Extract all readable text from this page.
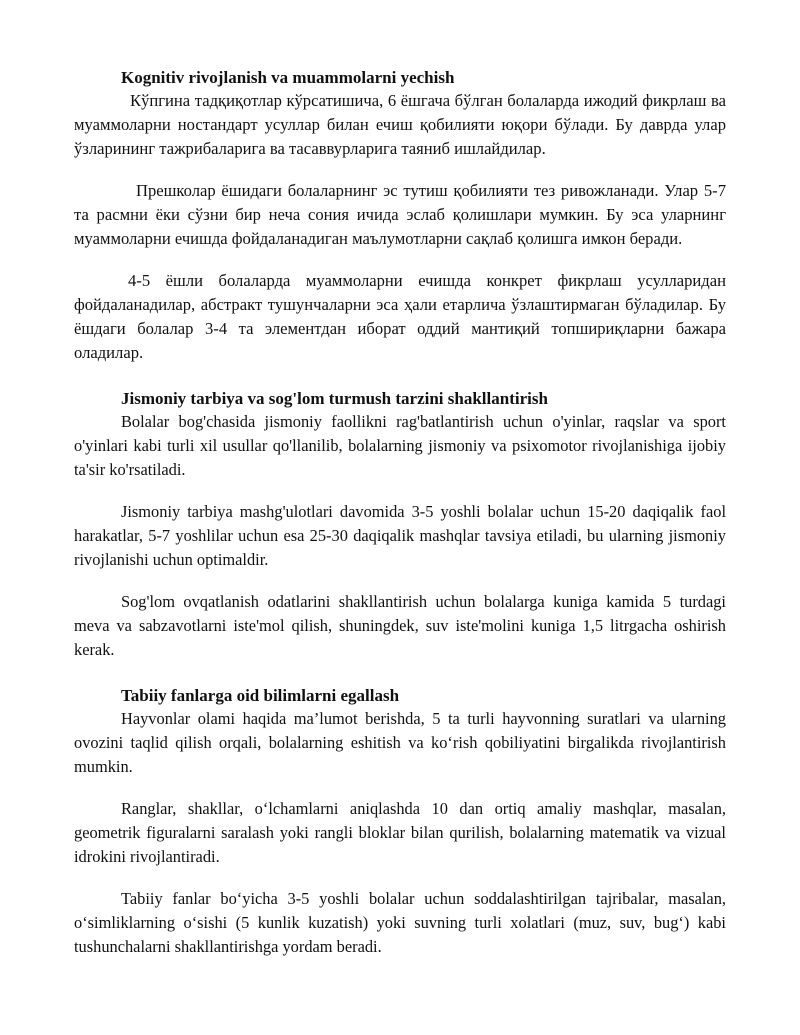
Kognitiv rivojlanish va muammolarni yechish

Кўпгина тадқиқотлар кўрсатишича, 6 ёшгача бўлган болаларда ижодий фикрлаш ва муаммоларни ностандарт усуллар билан ечиш қобилияти юқори бўлади. Бу даврда улар ўзларининг тажрибаларига ва тасаввурларига таяниб ишлайдилар.

Прешколар ёшидаги болаларнинг эс тутиш қобилияти тез ривожланади. Улар 5-7 та расмни ёки сўзни бир неча сония ичида эслаб қолишлари мумкин. Бу эса уларнинг муаммоларни ечишда фойдаланадиган маълумотларни сақлаб қолишга имкон беради.

4-5 ёшли болаларда муаммоларни ечишда конкрет фикрлаш усулларидан фойдаланадилар, абстракт тушунчаларни эса ҳали етарлича ўзлаштирмаган бўладилар. Бу ёшдаги болалар 3-4 та элементдан иборат оддий мантиқий топшириқларни бажара оладилар.

Jismoniy tarbiya va sog'lom turmush tarzini shakllantirish

Bolalar bog'chasida jismoniy faollikni rag'batlantirish uchun o'yinlar, raqslar va sport o'yinlari kabi turli xil usullar qo'llanilib, bolalarning jismoniy va psixomotor rivojlanishiga ijobiy ta'sir ko'rsatiladi.

Jismoniy tarbiya mashg'ulotlari davomida 3-5 yoshli bolalar uchun 15-20 daqiqalik faol harakatlar, 5-7 yoshlilar uchun esa 25-30 daqiqalik mashqlar tavsiya etiladi, bu ularning jismoniy rivojlanishi uchun optimaldir.

Sog'lom ovqatlanish odatlarini shakllantirish uchun bolalarga kuniga kamida 5 turdagi meva va sabzavotlarni iste'mol qilish, shuningdek, suv iste'molini kuniga 1,5 litrgacha oshirish kerak.

Tabiiy fanlarga oid bilimlarni egallash

Hayvonlar olami haqida ma’lumot berishda, 5 ta turli hayvonning suratlari va ularning ovozini taqlid qilish orqali, bolalarning eshitish va ko‘rish qobiliyatini birgalikda rivojlantirish mumkin.

Ranglar, shakllar, o‘lchamlarni aniqlashda 10 dan ortiq amaliy mashqlar, masalan, geometrik figuralarni saralash yoki rangli bloklar bilan qurilish, bolalarning matematik va vizual idrokini rivojlantiradi.

Tabiiy fanlar bo‘yicha 3-5 yoshli bolalar uchun soddalashtirilgan tajribalar, masalan, o‘simliklarning o‘sishi (5 kunlik kuzatish) yoki suvning turli xolatlari (muz, suv, bug‘) kabi tushunchalarni shakllantirishga yordam beradi.
